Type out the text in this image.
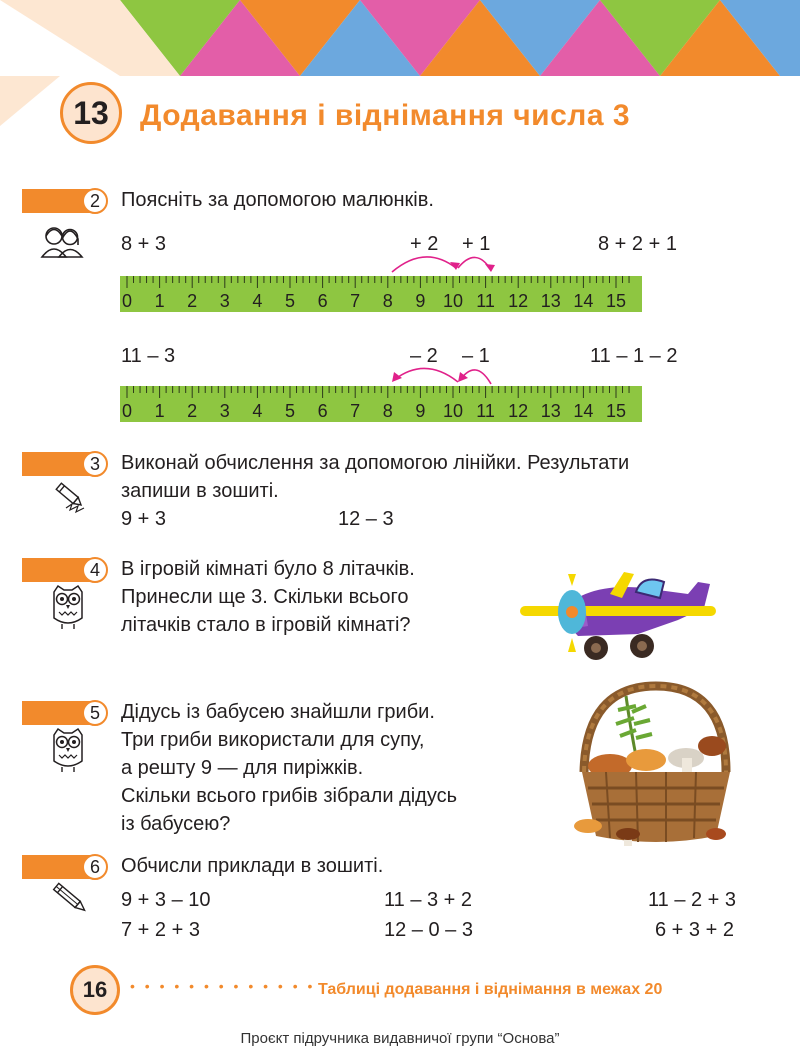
13 Додавання і віднімання числа 3
2 Поясніть за допомогою малюнків.
8 + 3	+ 2 + 1	8 + 2 + 1
0 1 2 3 4 5 6 7 8 9 10 11 12 13 14 15
11 – 3	– 2 – 1	11 – 1 – 2
0 1 2 3 4 5 6 7 8 9 10 11 12 13 14 15
3 Виконай обчислення за допомогою лінійки. Результати
запиши в зошиті.
9 + 3	12 – 3
4 В ігровій кімнаті було 8 літачків.
Принесли ще 3. Скільки всього
літачків стало в ігровій кімнаті?
5 Дідусь із бабусею знайшли гриби.
Три гриби використали для супу,
а решту 9 — для пиріжків.
Скільки всього грибів зібрали дідусь
із бабусею?
6 Обчисли приклади в зошиті.
9 + 3 – 10	11 – 3 + 2	11 – 2 + 3
7 + 2 + 3	12 – 0 – 3	6 + 3 + 2
16 • • • • • • • • • • • • • Таблиці додавання і віднімання в межах 20
Проєкт підручника видавничої групи “Основа”
